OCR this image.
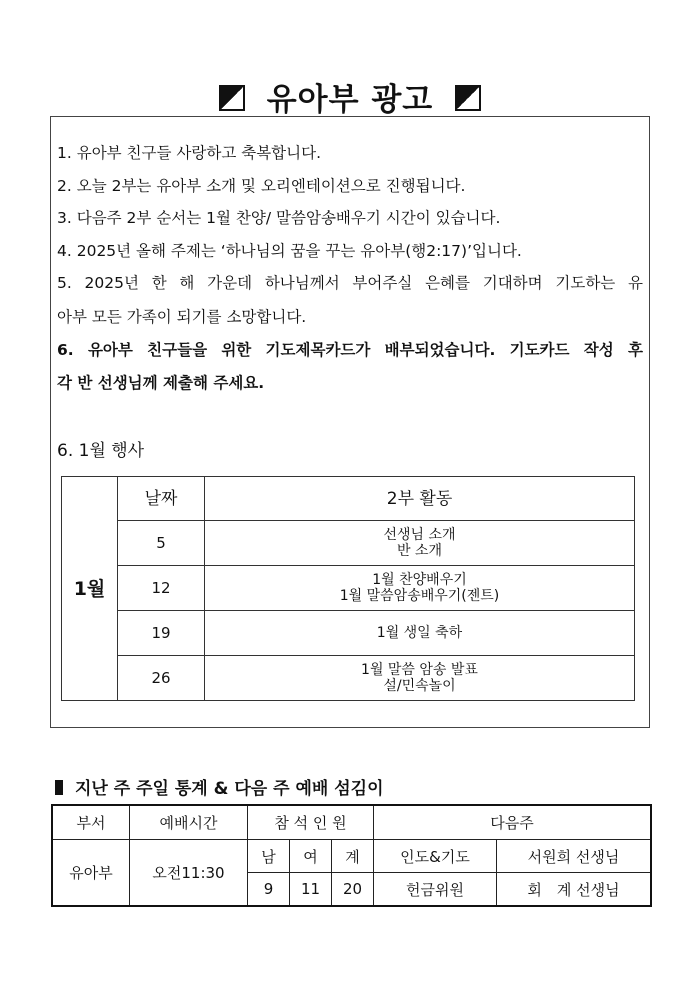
유아부 광고
1. 유아부 친구들 사랑하고 축복합니다.
2. 오늘 2부는 유아부 소개 및 오리엔테이션으로 진행됩니다.
3. 다음주 2부 순서는 1월 찬양/ 말씀암송배우기 시간이 있습니다.
4. 2025년 올해 주제는 ‘하나님의 꿈을 꾸는 유아부(행2:17)’입니다.
5. 2025년 한 해 가운데 하나님께서 부어주실 은혜를 기대하며 기도하는 유
아부 모든 가족이 되기를 소망합니다.
6. 유아부 친구들을 위한 기도제목카드가 배부되었습니다. 기도카드 작성 후
각 반 선생님께 제출해 주세요.
6. 1월 행사
1월	날짜	2부 활동
	5	선생님 소개
반 소개

	12	1월 찬양배우기
1월 말씀암송배우기(젠트)

	19	1월 생일 축하

	26	1월 말씀 암송 발표
설/민속놀이
지난 주 주일 통계 & 다음 주 예배 섬김이
부서	예배시간	참 석 인 원			다음주	
유아부	오전11:30	남	여	계	인도&기도	서원희 선생님
		9	11	20	헌금위원	회　계 선생님
